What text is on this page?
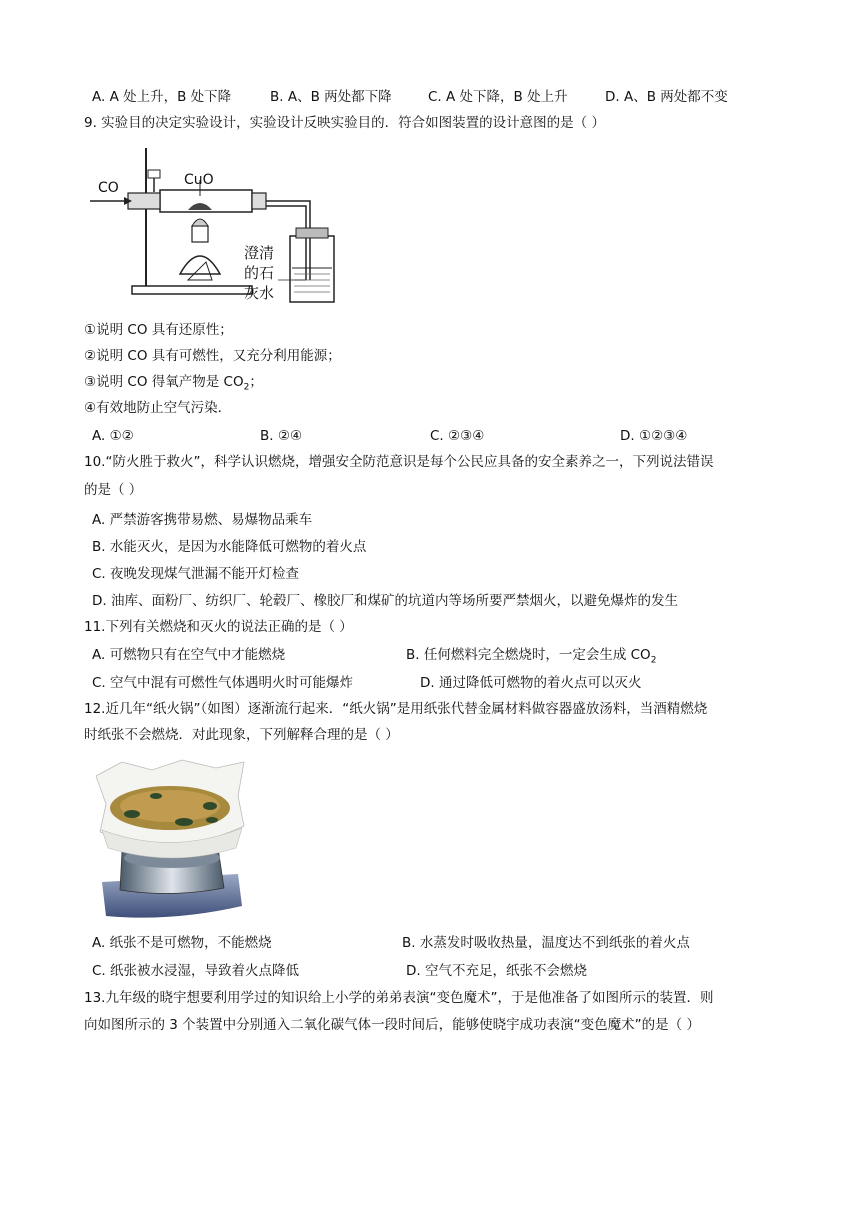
A. A 处上升，B 处下降	B. A、B 两处都下降	C. A 处下降，B 处上升	D. A、B 两处都不变
9. 实验目的决定实验设计，实验设计反映实验目的．符合如图装置的设计意图的是（ ）
CO	CuO
澄清
的石
灰水
①说明 CO 具有还原性；
②说明 CO 具有可燃性，又充分利用能源；
③说明 CO 得氧产物是 $CO_2$；
④有效地防止空气污染．
A. ①②	B. ②④	C. ②③④	D. ①②③④
10.“防火胜于救火”，科学认识燃烧，增强安全防范意识是每个公民应具备的安全素养之一，下列说法错误
的是（ ）
A. 严禁游客携带易燃、易爆物品乘车
B. 水能灭火，是因为水能降低可燃物的着火点
C. 夜晚发现煤气泄漏不能开灯检查
D. 油库、面粉厂、纺织厂、轮毂厂、橡胶厂和煤矿的坑道内等场所要严禁烟火，以避免爆炸的发生
11.下列有关燃烧和灭火的说法正确的是（ ）
A. 可燃物只有在空气中才能燃烧	B. 任何燃料完全燃烧时，一定会生成 $CO_2$
C. 空气中混有可燃性气体遇明火时可能爆炸	D. 通过降低可燃物的着火点可以灭火
12.近几年“纸火锅”（如图）逐渐流行起来．“纸火锅”是用纸张代替金属材料做容器盛放汤料，当酒精燃烧
时纸张不会燃烧．对此现象，下列解释合理的是（ ）
A. 纸张不是可燃物，不能燃烧	B. 水蒸发时吸收热量，温度达不到纸张的着火点
C. 纸张被水浸湿，导致着火点降低	D. 空气不充足，纸张不会燃烧
13.九年级的晓宇想要利用学过的知识给上小学的弟弟表演“变色魔术”，于是他准备了如图所示的装置．则
向如图所示的 3 个装置中分别通入二氧化碳气体一段时间后，能够使晓宇成功表演“变色魔术”的是（ ）
